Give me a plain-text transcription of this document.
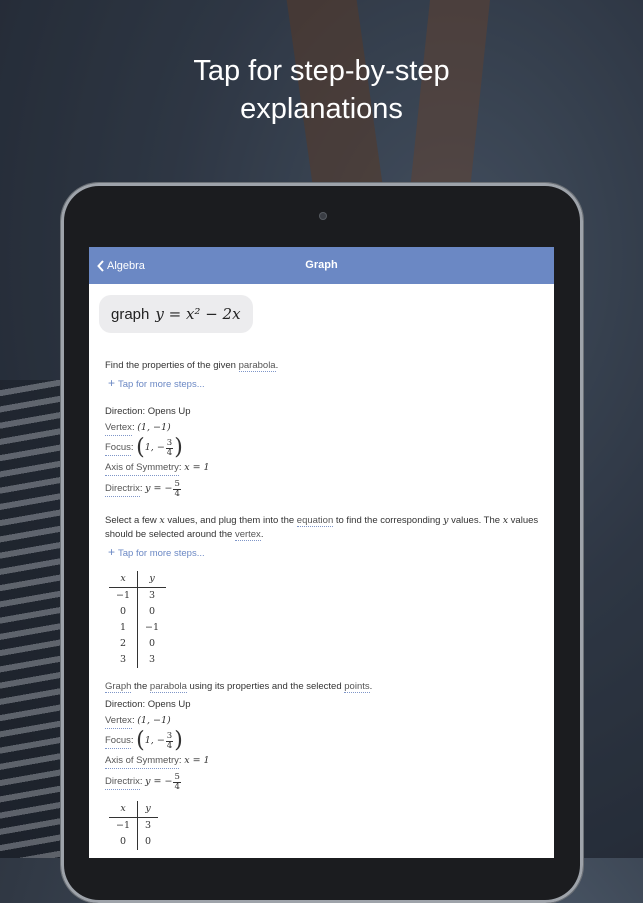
Tap for step-by-step
explanations
Algebra	Graph
graph y = x² − 2x
Find the properties of the given parabola.
+ Tap for more steps...
Direction: Opens Up
Vertex : (1, −1)
Focus : ( 1, − $\frac{3}{4}$ )
Axis of Symmetry : x = 1
Directrix : y = − $\frac{5}{4}$
Select a few x values, and plug them into the equation to find the corresponding y values. The x values should be selected around the vertex.
+ Tap for more steps...
x	y
−1	3
0	0
1	−1
2	0
3	3
Graph the parabola using its properties and the selected points.
Direction: Opens Up
Vertex : (1, −1)
Focus : ( 1, − $\frac{3}{4}$ )
Axis of Symmetry : x = 1
Directrix : y = − $\frac{5}{4}$
x	y
−1	3
0	0
